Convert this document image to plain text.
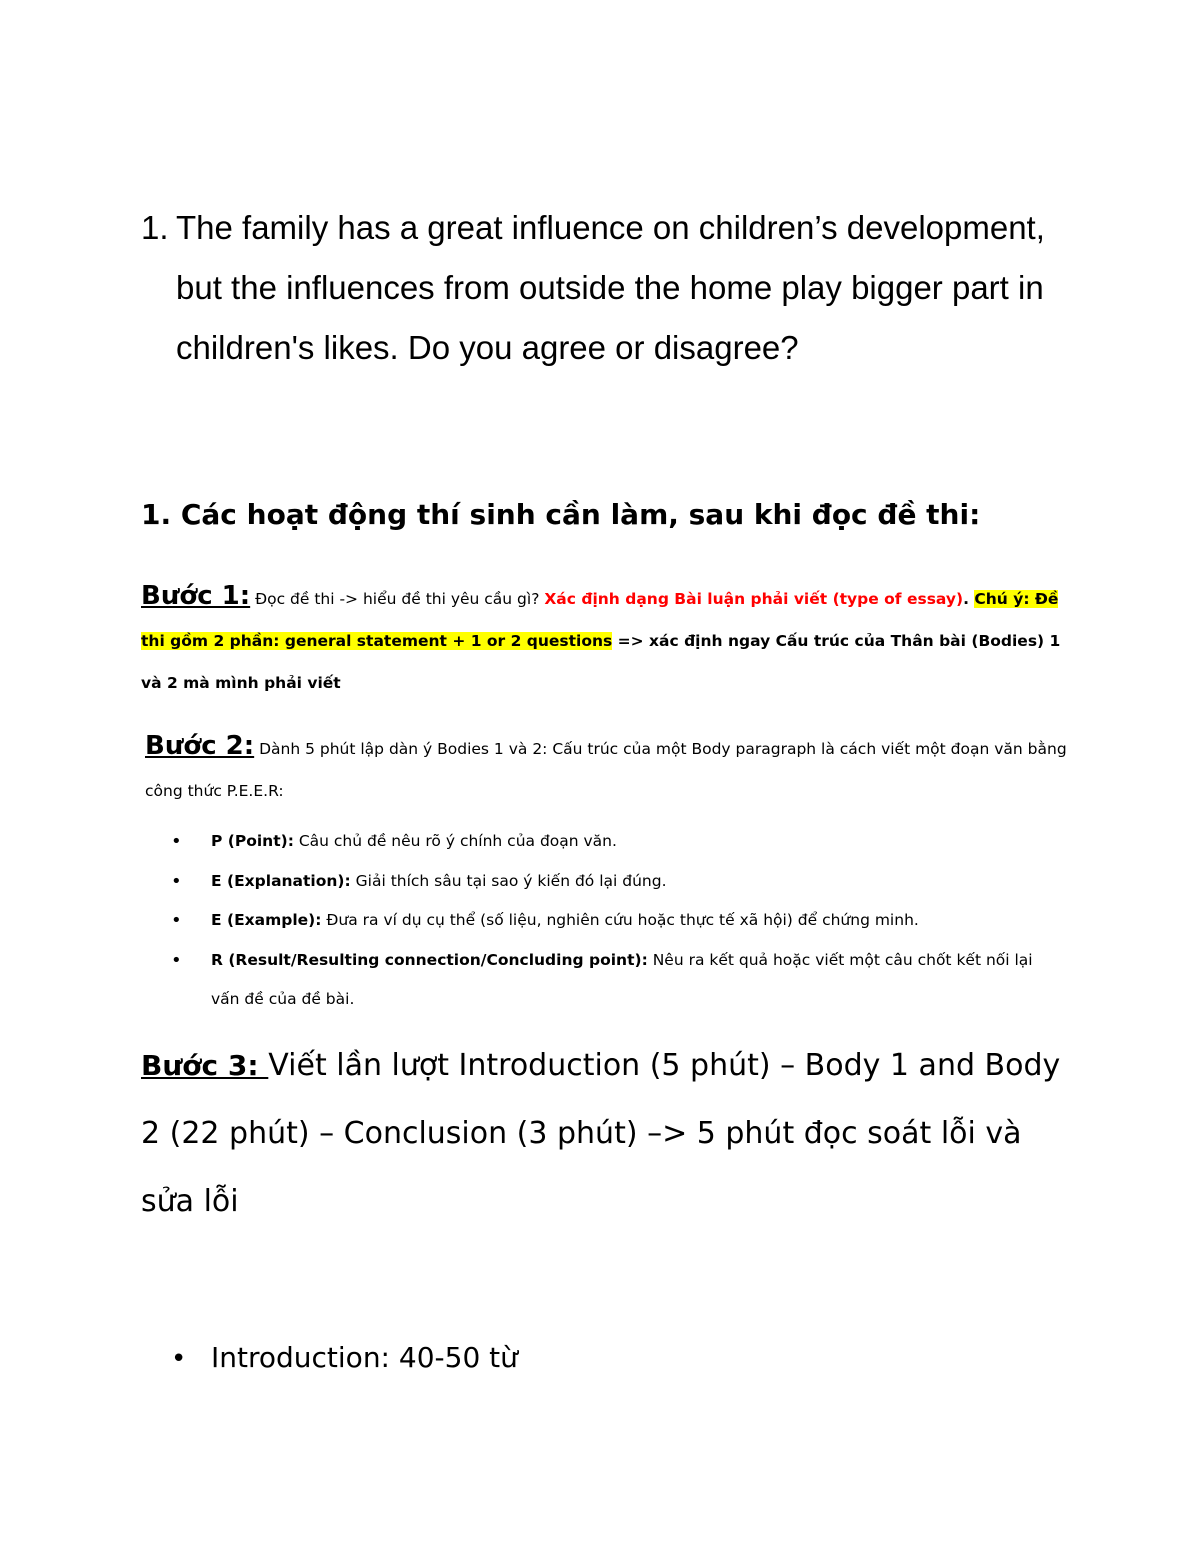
1. The family has a great influence on children’s development, but the influences from outside the home play bigger part in children's likes. Do you agree or disagree?
1. Các hoạt động thí sinh cần làm, sau khi đọc đề thi:
Bước 1: Đọc đề thi -> hiểu đề thi yêu cầu gì? Xác định dạng Bài luận phải viết (type of essay). Chú ý: Đề thi gồm 2 phần: general statement + 1 or 2 questions => xác định ngay Cấu trúc của Thân bài (Bodies) 1 và 2 mà mình phải viết
Bước 2: Dành 5 phút lập dàn ý Bodies 1 và 2: Cấu trúc của một Body paragraph là cách viết một đoạn văn bằng công thức P.E.E.R:
• P (Point): Câu chủ đề nêu rõ ý chính của đoạn văn.
• E (Explanation): Giải thích sâu tại sao ý kiến đó lại đúng.
• E (Example): Đưa ra ví dụ cụ thể (số liệu, nghiên cứu hoặc thực tế xã hội) để chứng minh.
• R (Result/Resulting connection/Concluding point): Nêu ra kết quả hoặc viết một câu chốt kết nối lại vấn đề của đề bài.
Bước 3: Viết lần lượt Introduction (5 phút) – Body 1 and Body 2 (22 phút) – Conclusion (3 phút) –> 5 phút đọc soát lỗi và sửa lỗi
• Introduction: 40-50 từ
